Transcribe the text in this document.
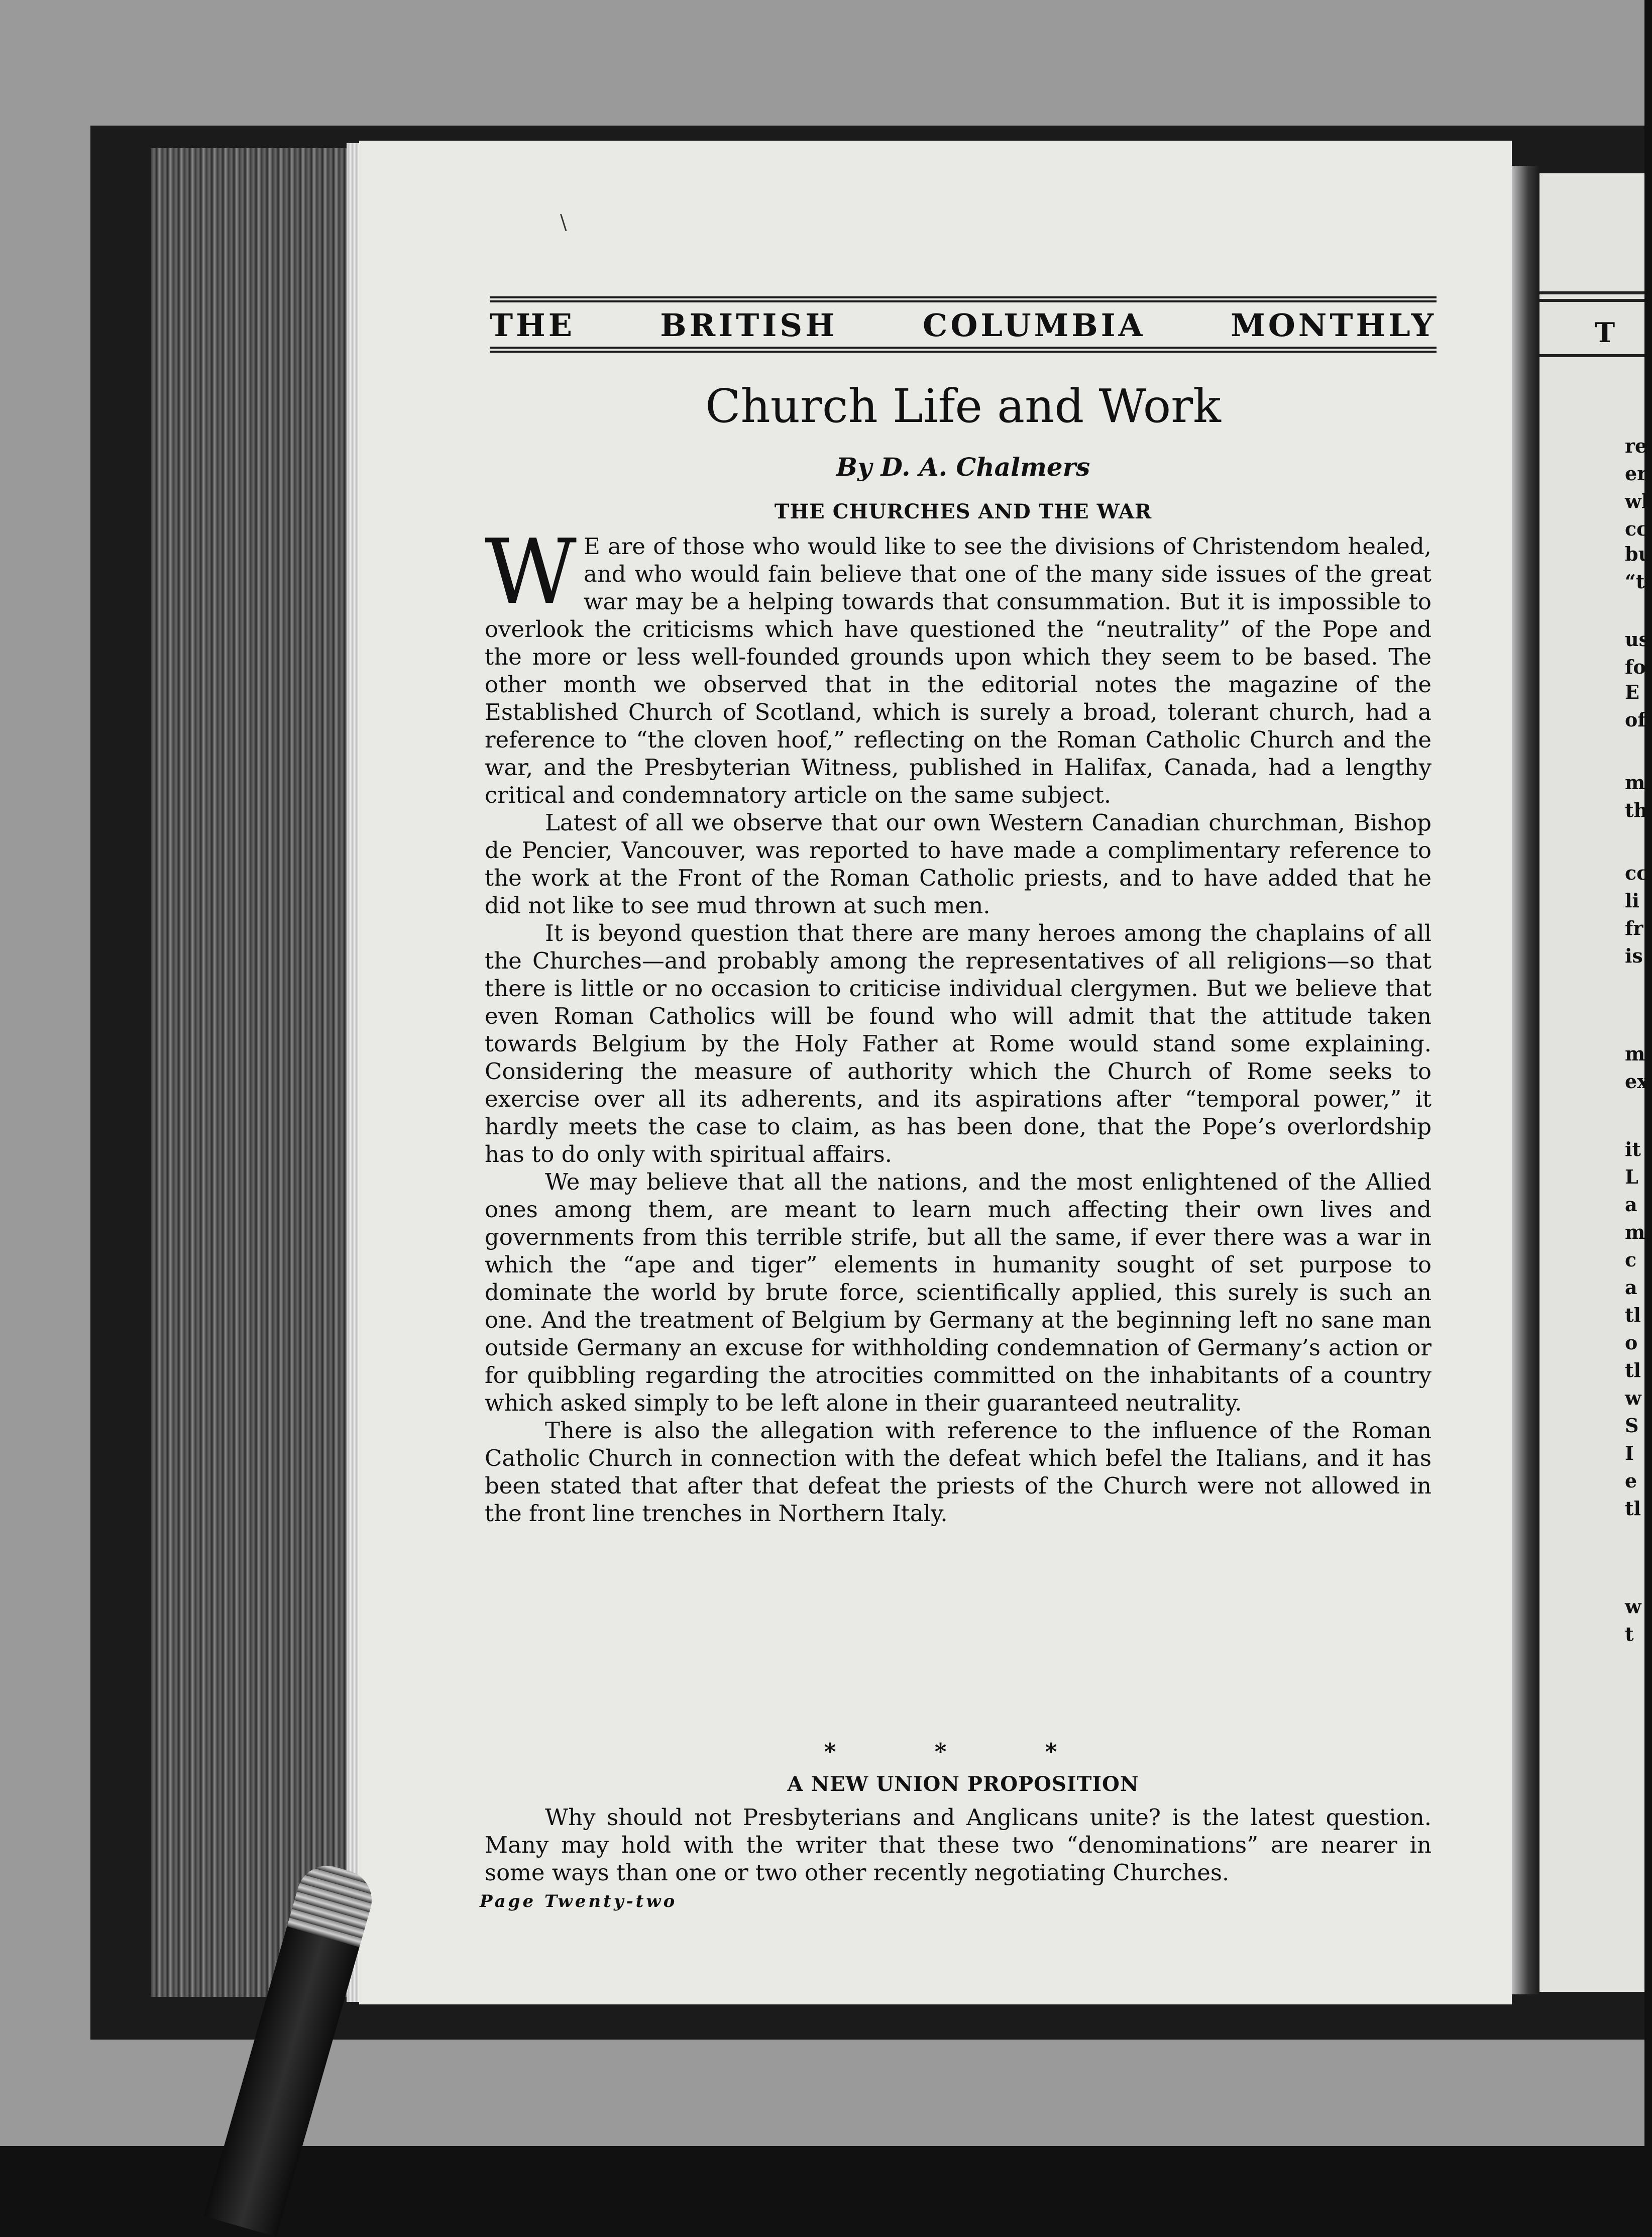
T
re
er
wl
cc
bu
“t
us
fo
E
of
m
th
cc
li
fr
is
m
ex
it
L
a
m
c
a
tl
o
tl
w
S
I
e
tl
w
t
THE	BRITISH	COLUMBIA	MONTHLY
Church Life and Work
By D. A. Chalmers
THE CHURCHES AND THE WAR

W E are of those who would like to see the divisions of Christendom healed, and who would fain believe that one of the many side issues of the great war may be a helping towards that consummation. But it is impossible to overlook the criticisms which have questioned the “neutrality” of the Pope and the more or less well-founded grounds upon which they seem to be based. The other month we observed that in the editorial notes the magazine of the Established Church of Scotland, which is surely a broad, tolerant church, had a reference to “the cloven hoof,” reflecting on the Roman Catholic Church and the war, and the Presbyterian Witness, published in Halifax, Canada, had a lengthy critical and condemnatory article on the same subject.

Latest of all we observe that our own Western Canadian churchman, Bishop de Pencier, Vancouver, was reported to have made a complimentary reference to the work at the Front of the Roman Catholic priests, and to have added that he did not like to see mud thrown at such men.

It is beyond question that there are many heroes among the chaplains of all the Churches—and probably among the representatives of all religions—so that there is little or no occasion to criticise individual clergymen. But we believe that even Roman Catholics will be found who will admit that the attitude taken towards Belgium by the Holy Father at Rome would stand some explaining. Considering the measure of authority which the Church of Rome seeks to exercise over all its adherents, and its aspirations after “temporal power,” it hardly meets the case to claim, as has been done, that the Pope’s overlordship has to do only with spiritual affairs.

We may believe that all the nations, and the most enlightened of the Allied ones among them, are meant to learn much affecting their own lives and governments from this terrible strife, but all the same, if ever there was a war in which the “ape and tiger” elements in humanity sought of set purpose to dominate the world by brute force, scientifically applied, this surely is such an one. And the treatment of Belgium by Germany at the beginning left no sane man outside Germany an excuse for withholding condemnation of Germany’s action or for quibbling regarding the atrocities committed on the inhabitants of a country which asked simply to be left alone in their guaranteed neutrality.

There is also the allegation with reference to the influence of the Roman Catholic Church in connection with the defeat which befel the Italians, and it has been stated that after that defeat the priests of the Church were not allowed in the front line trenches in Northern Italy.

* * *
A NEW UNION PROPOSITION

Why should not Presbyterians and Anglicans unite? is the latest question. Many may hold with the writer that these two “denominations” are nearer in some ways than one or two other recently negotiating Churches.

Page Twenty-two
\
